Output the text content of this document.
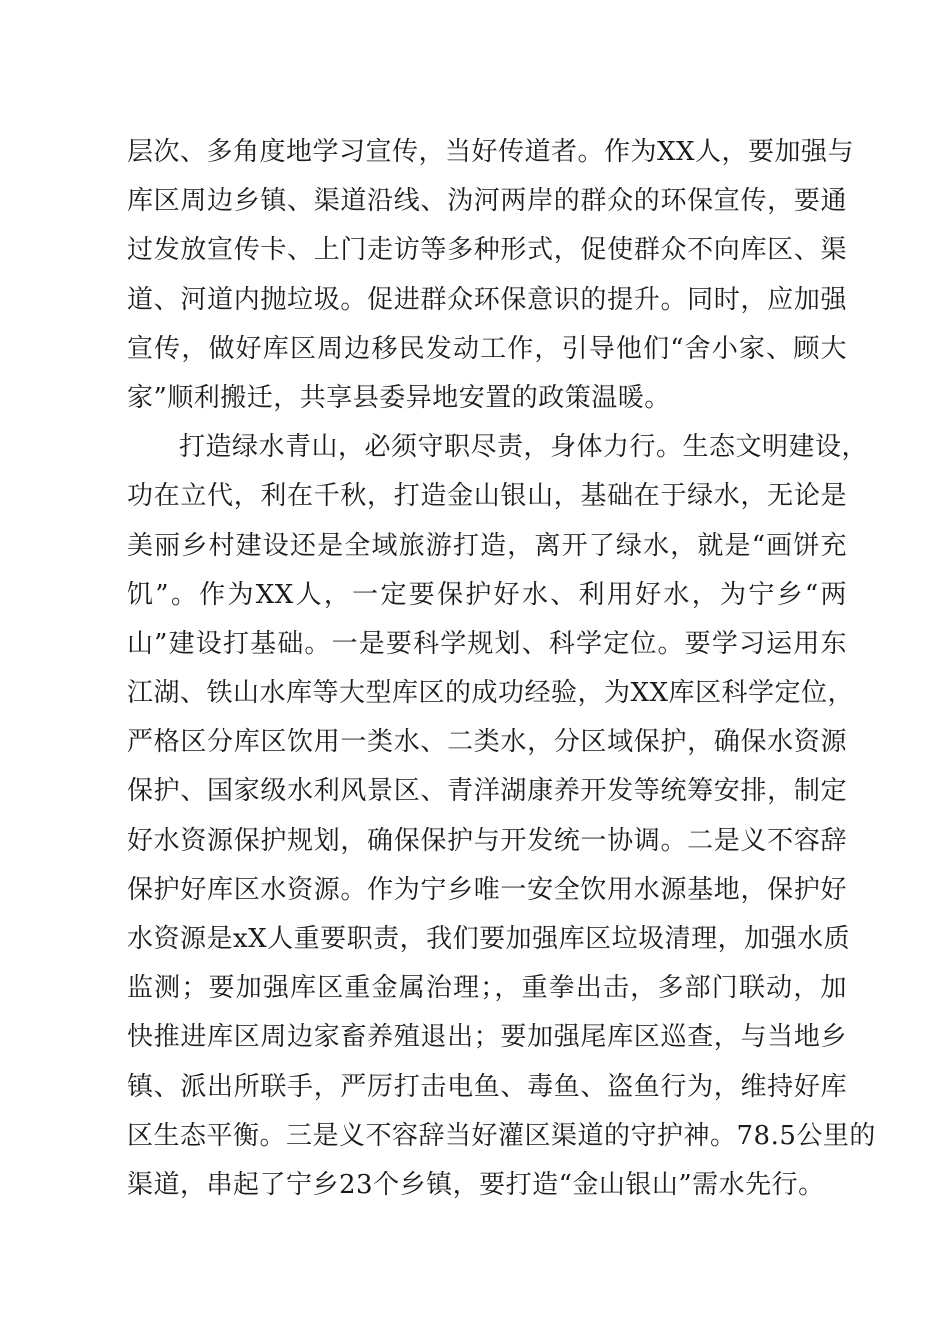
层次、多角度地学习宣传，当好传道者。作为XX人，要加强与
库区周边乡镇、渠道沿线、沩河两岸的群众的环保宣传，要通
过发放宣传卡、上门走访等多种形式，促使群众不向库区、渠
道、河道内抛垃圾。促进群众环保意识的提升。同时，应加强
宣传，做好库区周边移民发动工作，引导他们“舍小家、顾大
家”顺利搬迁，共享县委异地安置的政策温暖。
打造绿水青山，必须守职尽责，身体力行。生态文明建设，
功在立代，利在千秋，打造金山银山，基础在于绿水，无论是
美丽乡村建设还是全域旅游打造，离开了绿水，就是“画饼充
饥”。作为XX人，一定要保护好水、利用好水，为宁乡“两
山”建设打基础。一是要科学规划、科学定位。要学习运用东
江湖、铁山水库等大型库区的成功经验，为XX库区科学定位，
严格区分库区饮用一类水、二类水，分区域保护，确保水资源
保护、国家级水利风景区、青洋湖康养开发等统筹安排，制定
好水资源保护规划，确保保护与开发统一协调。二是义不容辞
保护好库区水资源。作为宁乡唯一安全饮用水源基地，保护好
水资源是xX人重要职责，我们要加强库区垃圾清理，加强水质
监测；要加强库区重金属治理；，重拳出击，多部门联动，加
快推进库区周边家畜养殖退出；要加强尾库区巡查，与当地乡
镇、派出所联手，严厉打击电鱼、毒鱼、盗鱼行为，维持好库
区生态平衡。三是义不容辞当好灌区渠道的守护神。78.5公里的
渠道，串起了宁乡23个乡镇，要打造“金山银山”需水先行。
